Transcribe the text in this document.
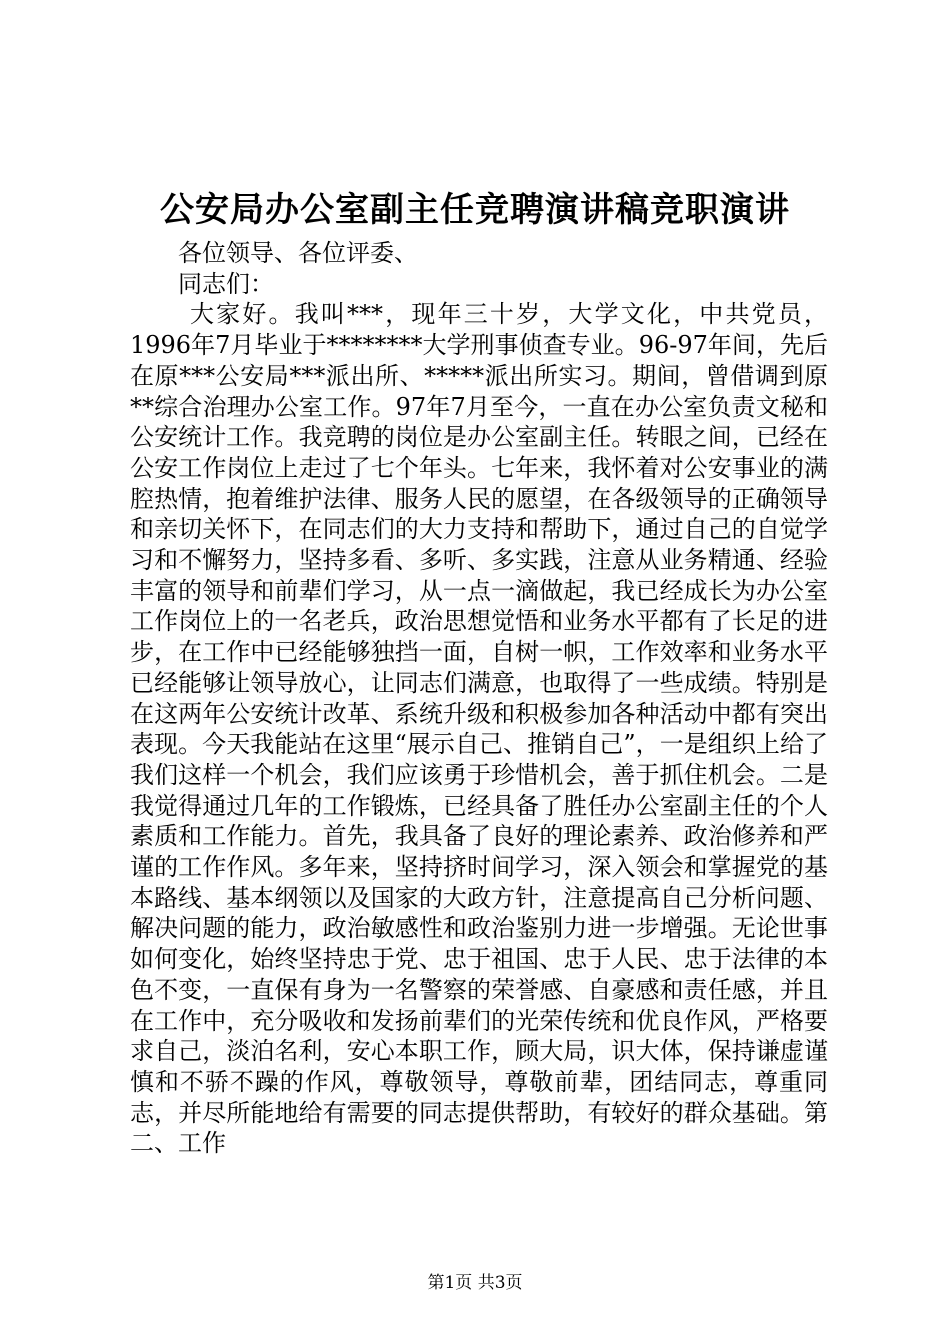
公安局办公室副主任竞聘演讲稿竞职演讲
各位领导、各位评委、
同志们：

大家好。我叫***，现年三十岁，大学文化，中共党员，1996年7月毕业于********大学刑事侦查专业。96-97年间，先后在原***公安局***派出所、*****派出所实习。期间，曾借调到原**综合治理办公室工作。97年7月至今，一直在办公室负责文秘和公安统计工作。我竞聘的岗位是办公室副主任。转眼之间，已经在公安工作岗位上走过了七个年头。七年来，我怀着对公安事业的满腔热情，抱着维护法律、服务人民的愿望，在各级领导的正确领导和亲切关怀下，在同志们的大力支持和帮助下，通过自己的自觉学习和不懈努力，坚持多看、多听、多实践，注意从业务精通、经验丰富的领导和前辈们学习，从一点一滴做起，我已经成长为办公室工作岗位上的一名老兵，政治思想觉悟和业务水平都有了长足的进步，在工作中已经能够独挡一面，自树一帜，工作效率和业务水平已经能够让领导放心，让同志们满意，也取得了一些成绩。特别是在这两年公安统计改革、系统升级和积极参加各种活动中都有突出表现。今天我能站在这里“展示自己、推销自己”，一是组织上给了我们这样一个机会，我们应该勇于珍惜机会，善于抓住机会。二是我觉得通过几年的工作锻炼，已经具备了胜任办公室副主任的个人素质和工作能力。首先，我具备了良好的理论素养、政治修养和严谨的工作作风。多年来，坚持挤时间学习，深入领会和掌握党的基本路线、基本纲领以及国家的大政方针，注意提高自己分析问题、解决问题的能力，政治敏感性和政治鉴别力进一步增强。无论世事如何变化，始终坚持忠于党、忠于祖国、忠于人民、忠于法律的本色不变，一直保有身为一名警察的荣誉感、自豪感和责任感，并且在工作中，充分吸收和发扬前辈们的光荣传统和优良作风，严格要求自己，淡泊名利，安心本职工作，顾大局，识大体，保持谦虚谨慎和不骄不躁的作风，尊敬领导，尊敬前辈，团结同志，尊重同志，并尽所能地给有需要的同志提供帮助，有较好的群众基础。第二、工作

第1页 共3页
